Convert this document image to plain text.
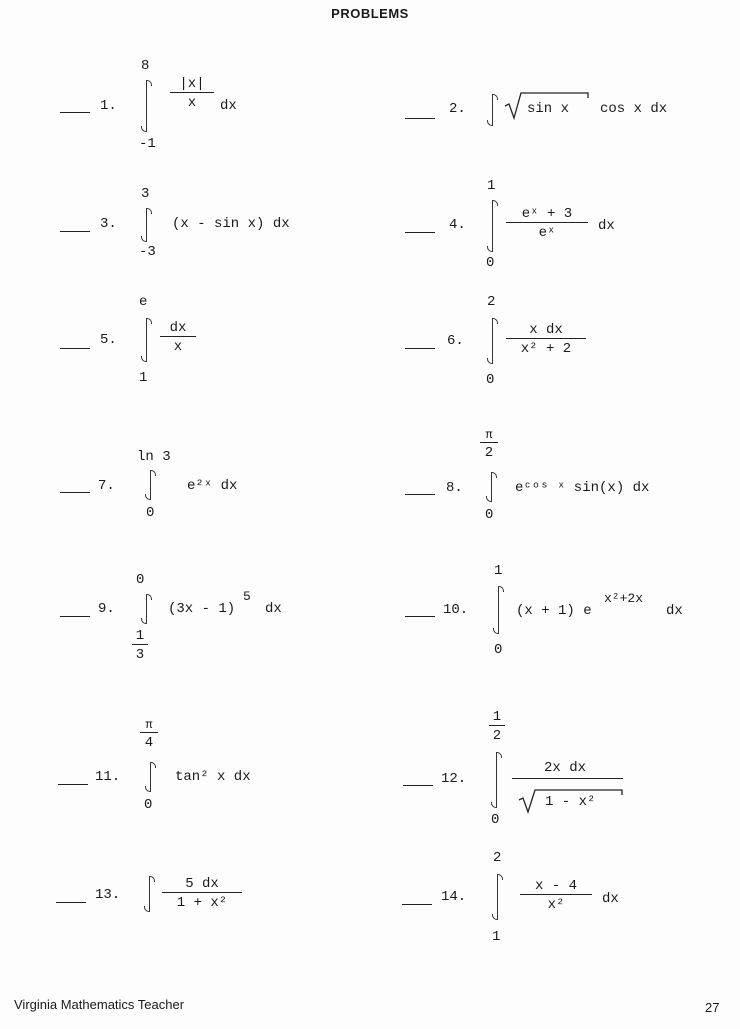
PROBLEMS
1.
8
-1
$\frac{|x|}{x}$ dx	2.	sin x cos x dx
3.
3
-3
(x - sin x) dx	4.
1
0
$\frac{\text{eˣ + 3}}{\text{eˣ}}$ dx
5.
e
1
$\frac{dx}{x}$	6.
2
0
$\frac{\text{x dx}}{\text{x² + 2}}$
7.
ln 3
0
e²ˣ dx	8.
$\frac{\pi}{2}$
0
eᶜᵒˢ ˣ sin(x) dx
9.
0
$\frac{1}{3}$
(3x - 1)
5
dx	10.
1
0
(x + 1) e
x²+2x
dx
11.
$\frac{\pi}{4}$
0
tan² x dx	12.
$\frac{1}{2}$
0
2x dx
1 - x²
13.	$\frac{5 dx}{\text{1 + x²}}$	14.
2
1
$\frac{x - 4}{\text{x²}}$ dx
Virginia Mathematics Teacher	27
